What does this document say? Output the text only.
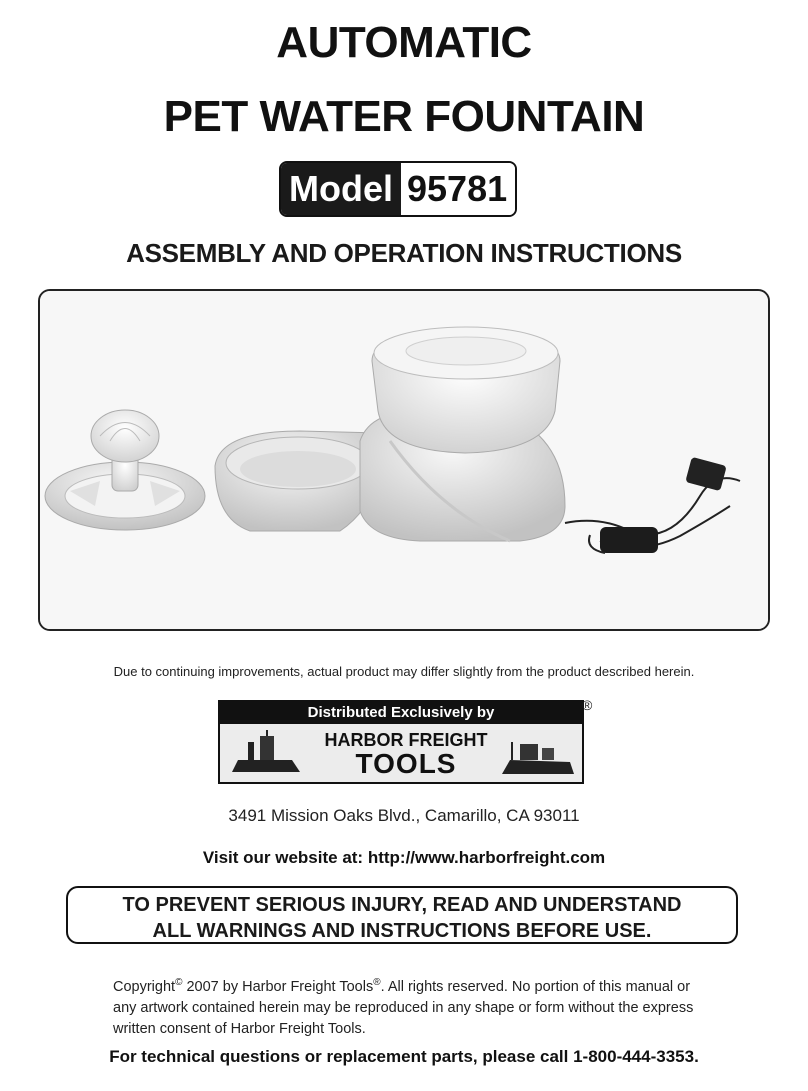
AUTOMATIC
PET WATER FOUNTAIN
Model 95781
ASSEMBLY AND OPERATION INSTRUCTIONS
Due to continuing improvements, actual product may differ slightly from the product described herein.
Distributed Exclusively by
HARBOR FREIGHT
TOOLS
®
3491 Mission Oaks Blvd., Camarillo, CA 93011
Visit our website at: http://www.harborfreight.com
TO PREVENT SERIOUS INJURY, READ AND UNDERSTAND
ALL WARNINGS AND INSTRUCTIONS BEFORE USE.
Copyright© 2007 by Harbor Freight Tools®. All rights reserved. No portion of this manual or any artwork contained herein may be reproduced in any shape or form without the express written consent of Harbor Freight Tools.
For technical questions or replacement parts, please call 1-800-444-3353.
